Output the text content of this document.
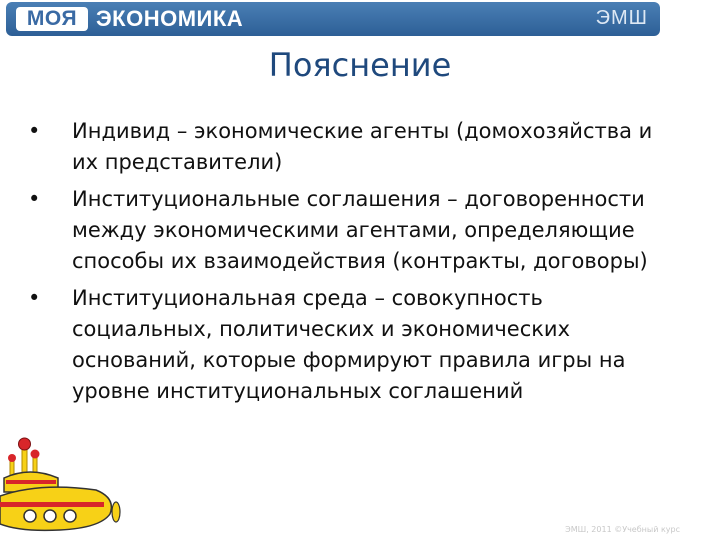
МОЯ ЭКОНОМИКА	ЭМШ
Пояснение
•	Индивид – экономические агенты (домохозяйства и их представители)
•	Институциональные соглашения – договоренности между экономическими агентами, определяющие способы их взаимодействия (контракты, договоры)
•	Институциональная среда – совокупность социальных, политических и экономических оснований, которые формируют правила игры на уровне институциональных соглашений
ЭМШ, 2011 ©Учебный курс
